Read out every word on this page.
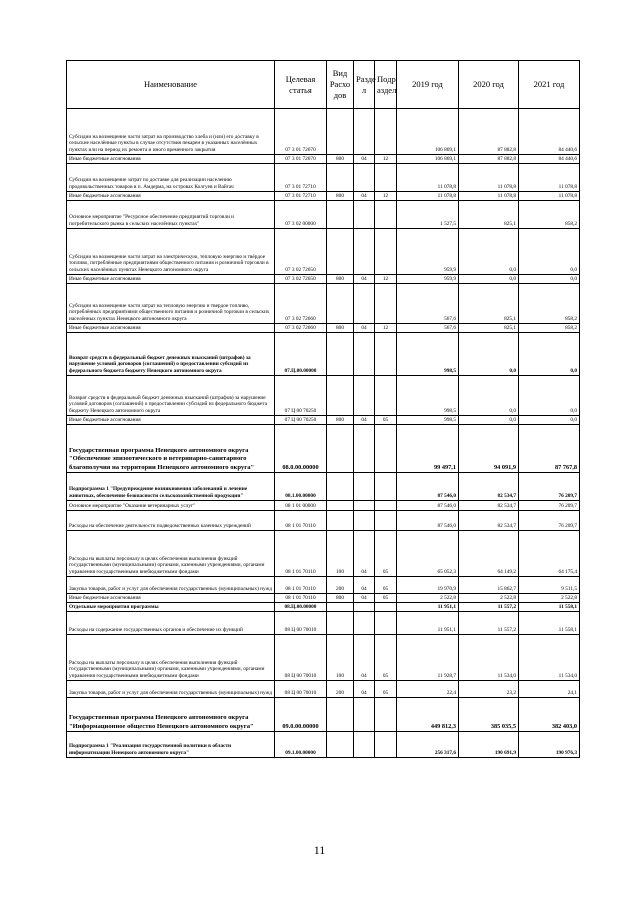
Наименование	Целевая статья	Вид Расхо дов	Разде л	Подр аздел	2019 год	2020 год	2021 год
Субсидии на возмещение части затрат на производство хлеба и (или) его доставку в сельские населённые пункты в случае отсутствия пекарен в указанных населённых пунктах или на период их ремонта и иного временного закрытия	07 3 01 72670				106 869,1	87 882,8	84 440,6
Иные бюджетные ассигнования	07 3 01 72670	800	04	12	106 869,1	87 882,8	84 440,6
Субсидии на возмещение затрат по доставке для реализации населению продовольственных товаров в п. Амдерма, на островах Колгуев и Вайгач	07 3 01 72710				11 078,8	11 078,8	11 078,8
Иные бюджетные ассигнования	07 3 01 72710	800	04	12	11 078,8	11 078,8	11 078,8
Основное мероприятие "Ресурсное обеспечение предприятий торговли и потребительского рынка в сельских населённых пунктах"	07 3 02 00000				1 527,5	825,1	858,2
Субсидии на возмещение части затрат на электрическую, тепловую энергию и твёрдое топливо, потреблённые предприятиями общественного питания и розничной торговли в сельских населённых пунктах Ненецкого автономного округа	07 3 02 72650				959,9	0,0	0,0
Иные бюджетные ассигнования	07 3 02 72650	800	04	12	959,9	0,0	0,0
Субсидии на возмещение части затрат на тепловую энергию и твердое топливо, потреблённых предприятиями общественного питания и розничной торговли в сельских населённых пунктах Ненецкого автономного округа	07 3 02 72660				567,6	825,1	858,2
Иные бюджетные ассигнования	07 3 02 72660	800	04	12	567,6	825,1	858,2
Возврат средств в федеральный бюджет денежных взысканий (штрафов) за нарушение условий договоров (соглашений) о предоставлении субсидий из федерального бюджета бюджету Ненецкого автономного округа	07.Ц.00.00000				998,5	0,0	0,0
Возврат средств в федеральный бюджет денежных взысканий (штрафов) за нарушение условий договоров (соглашений) о предоставлении субсидий из федерального бюджета бюджету Ненецкого автономного округа	07 Ц 00 70250				998,5	0,0	0,0
Иные бюджетные ассигнования	07 Ц 00 70250	800	04	05	998,5	0,0	0,0
Государственная программа Ненецкого автономного округа "Обеспечение эпизоотического и ветеринарно-санитарного благополучия на территории Ненецкого автономного округа"	08.0.00.00000				99 497,1	94 091,9	87 767,8
Подпрограмма 1 "Предупреждение возникновения заболеваний и лечение животных, обеспечение безопасности сельскохозяйственной продукции"	08.1.00.00000				87 546,0	82 534,7	76 209,7
Основное мероприятие "Оказание ветеринарных услуг"	08 1 01 00000				87 546,0	82 534,7	76 209,7
Расходы на обеспечение деятельности подведомственных казенных учреждений	08 1 01 70110				87 546,0	82 534,7	76 209,7
Расходы на выплаты персоналу в целях обеспечения выполнения функций государственными (муниципальными) органами, казенными учреждениями, органами управления государственными внебюджетными фондами	08 1 01 70110	100	04	05	65 052,3	64 149,2	64 175,4
Закупка товаров, работ и услуг для обеспечения государственных (муниципальных) нужд	08 1 01 70110	200	04	05	19 970,9	15 862,7	9 511,5
Иные бюджетные ассигнования	08 1 01 70110	800	04	05	2 522,8	2 522,8	2 522,8
Отдельные мероприятия программы	08.Ц.00.00000				11 951,1	11 557,2	11 558,1
Расходы на содержание государственных органов и обеспечение их функций	08 Ц 00 70010				11 951,1	11 557,2	11 558,1
Расходы на выплаты персоналу в целях обеспечения выполнения функций государственными (муниципальными) органами, казенными учреждениями, органами управления государственными внебюджетными фондами	08 Ц 00 70010	100	04	05	11 928,7	11 534,0	11 534,0
Закупка товаров, работ и услуг для обеспечения государственных (муниципальных) нужд	08 Ц 00 70010	200	04	05	22,4	23,2	24,1
Государственная программа Ненецкого автономного округа "Информационное общество Ненецкого автономного округа"	09.0.00.00000				449 812,3	385 035,5	382 403,0
Подпрограмма 1 "Реализация государственной политики в области информатизации Ненецкого автономного округа"	09.1.00.00000				256 317,6	190 691,9	190 976,3
11
